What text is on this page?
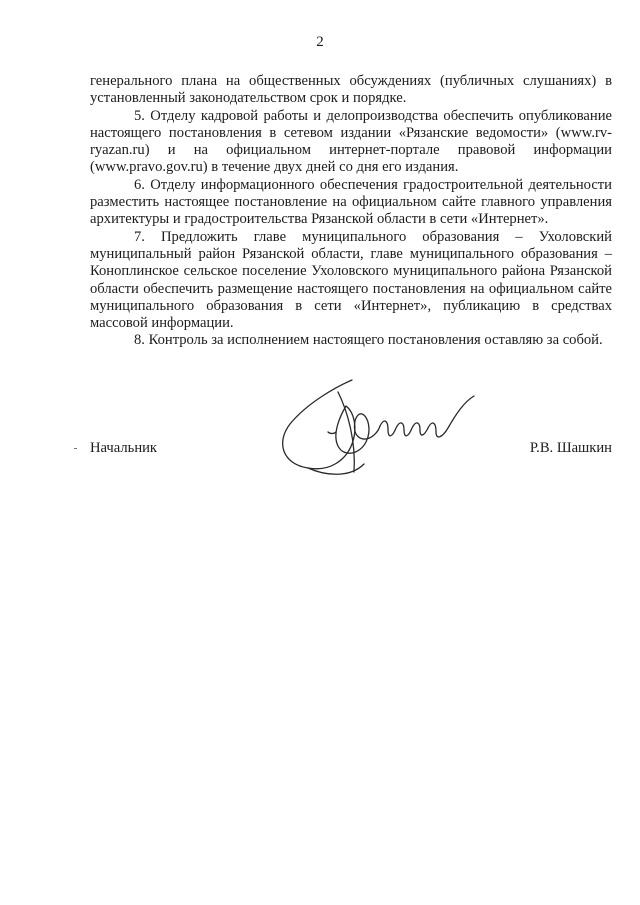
2

генерального плана на общественных обсуждениях (публичных слушаниях) в установленный законодательством срок и порядке.

5. Отделу кадровой работы и делопроизводства обеспечить опубликование настоящего постановления в сетевом издании «Рязанские ведомости» (www.rv-ryazan.ru) и на официальном интернет-портале правовой информации (www.pravo.gov.ru) в течение двух дней со дня его издания.

6. Отделу информационного обеспечения градостроительной деятельности разместить настоящее постановление на официальном сайте главного управления архитектуры и градостроительства Рязанской области в сети «Интернет».

7. Предложить главе муниципального образования – Ухоловский муниципальный район Рязанской области, главе муниципального образования – Коноплинское сельское поселение Ухоловского муниципального района Рязанской области обеспечить размещение настоящего постановления на официальном сайте муниципального образования в сети «Интернет», публикацию в средствах массовой информации.

8. Контроль за исполнением настоящего постановления оставляю за собой.

Начальник	Р.В. Шашкин
